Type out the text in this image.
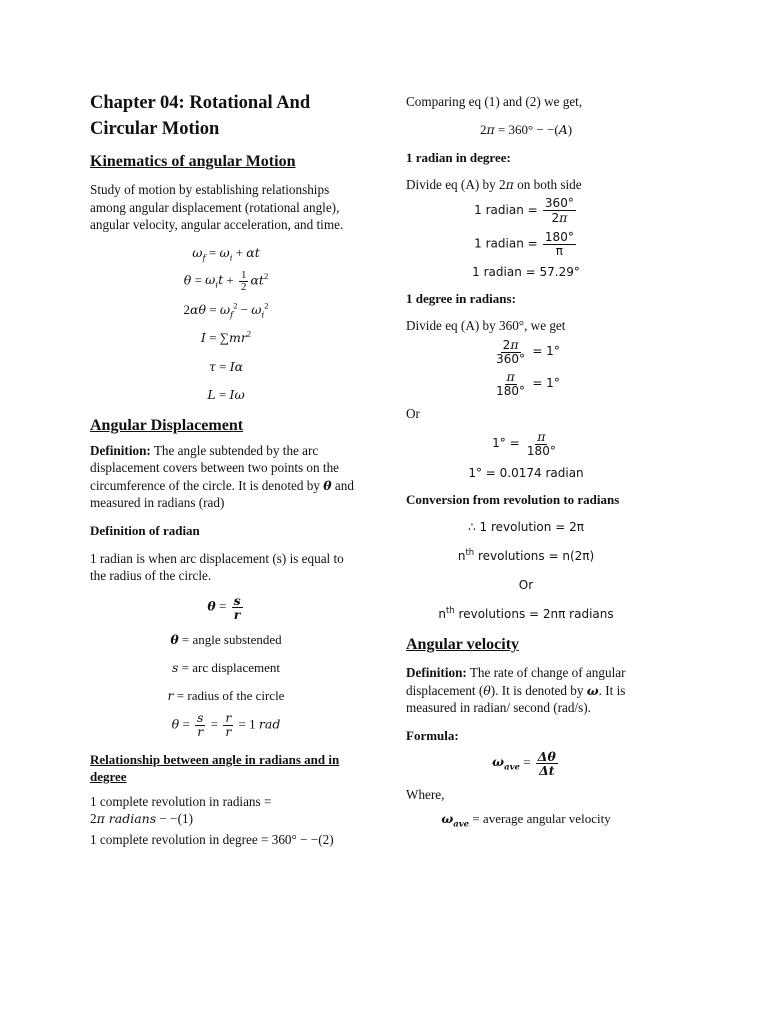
Chapter 04: Rotational And Circular Motion
Kinematics of angular Motion

Study of motion by establishing relationships among angular displacement (rotational angle), angular velocity, angular acceleration, and time.

$\omega_f = \omega_i + \alpha t$
$\theta = \omega_it + \frac{1}{2} \alpha t^2$
$2\alpha\theta = \omega_f^2 - \omega_i^2$
$I = \sum mr^2$
τ = Iα
L = Iω
Angular Displacement

Definition: The angle subtended by the arc displacement covers between two points on the circumference of the circle. It is denoted by θ and measured in radians (rad)

Definition of radian

1 radian is when arc displacement (s) is equal to the radius of the circle.

$\theta = \frac{s}{r}$
θ = angle substended
s = arc displacement
r = radius of the circle
$\theta = \frac{s}{r} = \frac{r}{r} = 1$ rad
Relationship between angle in radians and in degree

1 complete revolution in radians =
2π radians − −(1)

1 complete revolution in degree = 360° − −(2)

Comparing eq (1) and (2) we get,

2π = 360° − −(A)
1 radian in degree:

Divide eq (A) by 2π on both side

1 radian = $\frac{360^\circ}{2\pi}$
1 radian = $\frac{180^\circ}{\pi}$
1 radian = 57.29°
1 degree in radians:

Divide eq (A) by 360°, we get

$\frac{2\pi}{360^\circ} = 1^\circ$
$\frac{\pi}{180^\circ} = 1^\circ$

Or

$1^\circ = \frac{\pi}{180^\circ}$
1° = 0.0174 radian
Conversion from revolution to radians
∴ 1 revolution = 2π
$n^{th}$ revolutions = n(2π)
Or
$n^{th}$ revolutions = 2nπ radians
Angular velocity

Definition: The rate of change of angular displacement (θ). It is denoted by ω. It is measured in radian/ second (rad/s).

Formula:
$\omega_{ave} = \frac{\Delta\theta}{\Delta t}$

Where,

$\omega_{ave}$ = average angular velocity
